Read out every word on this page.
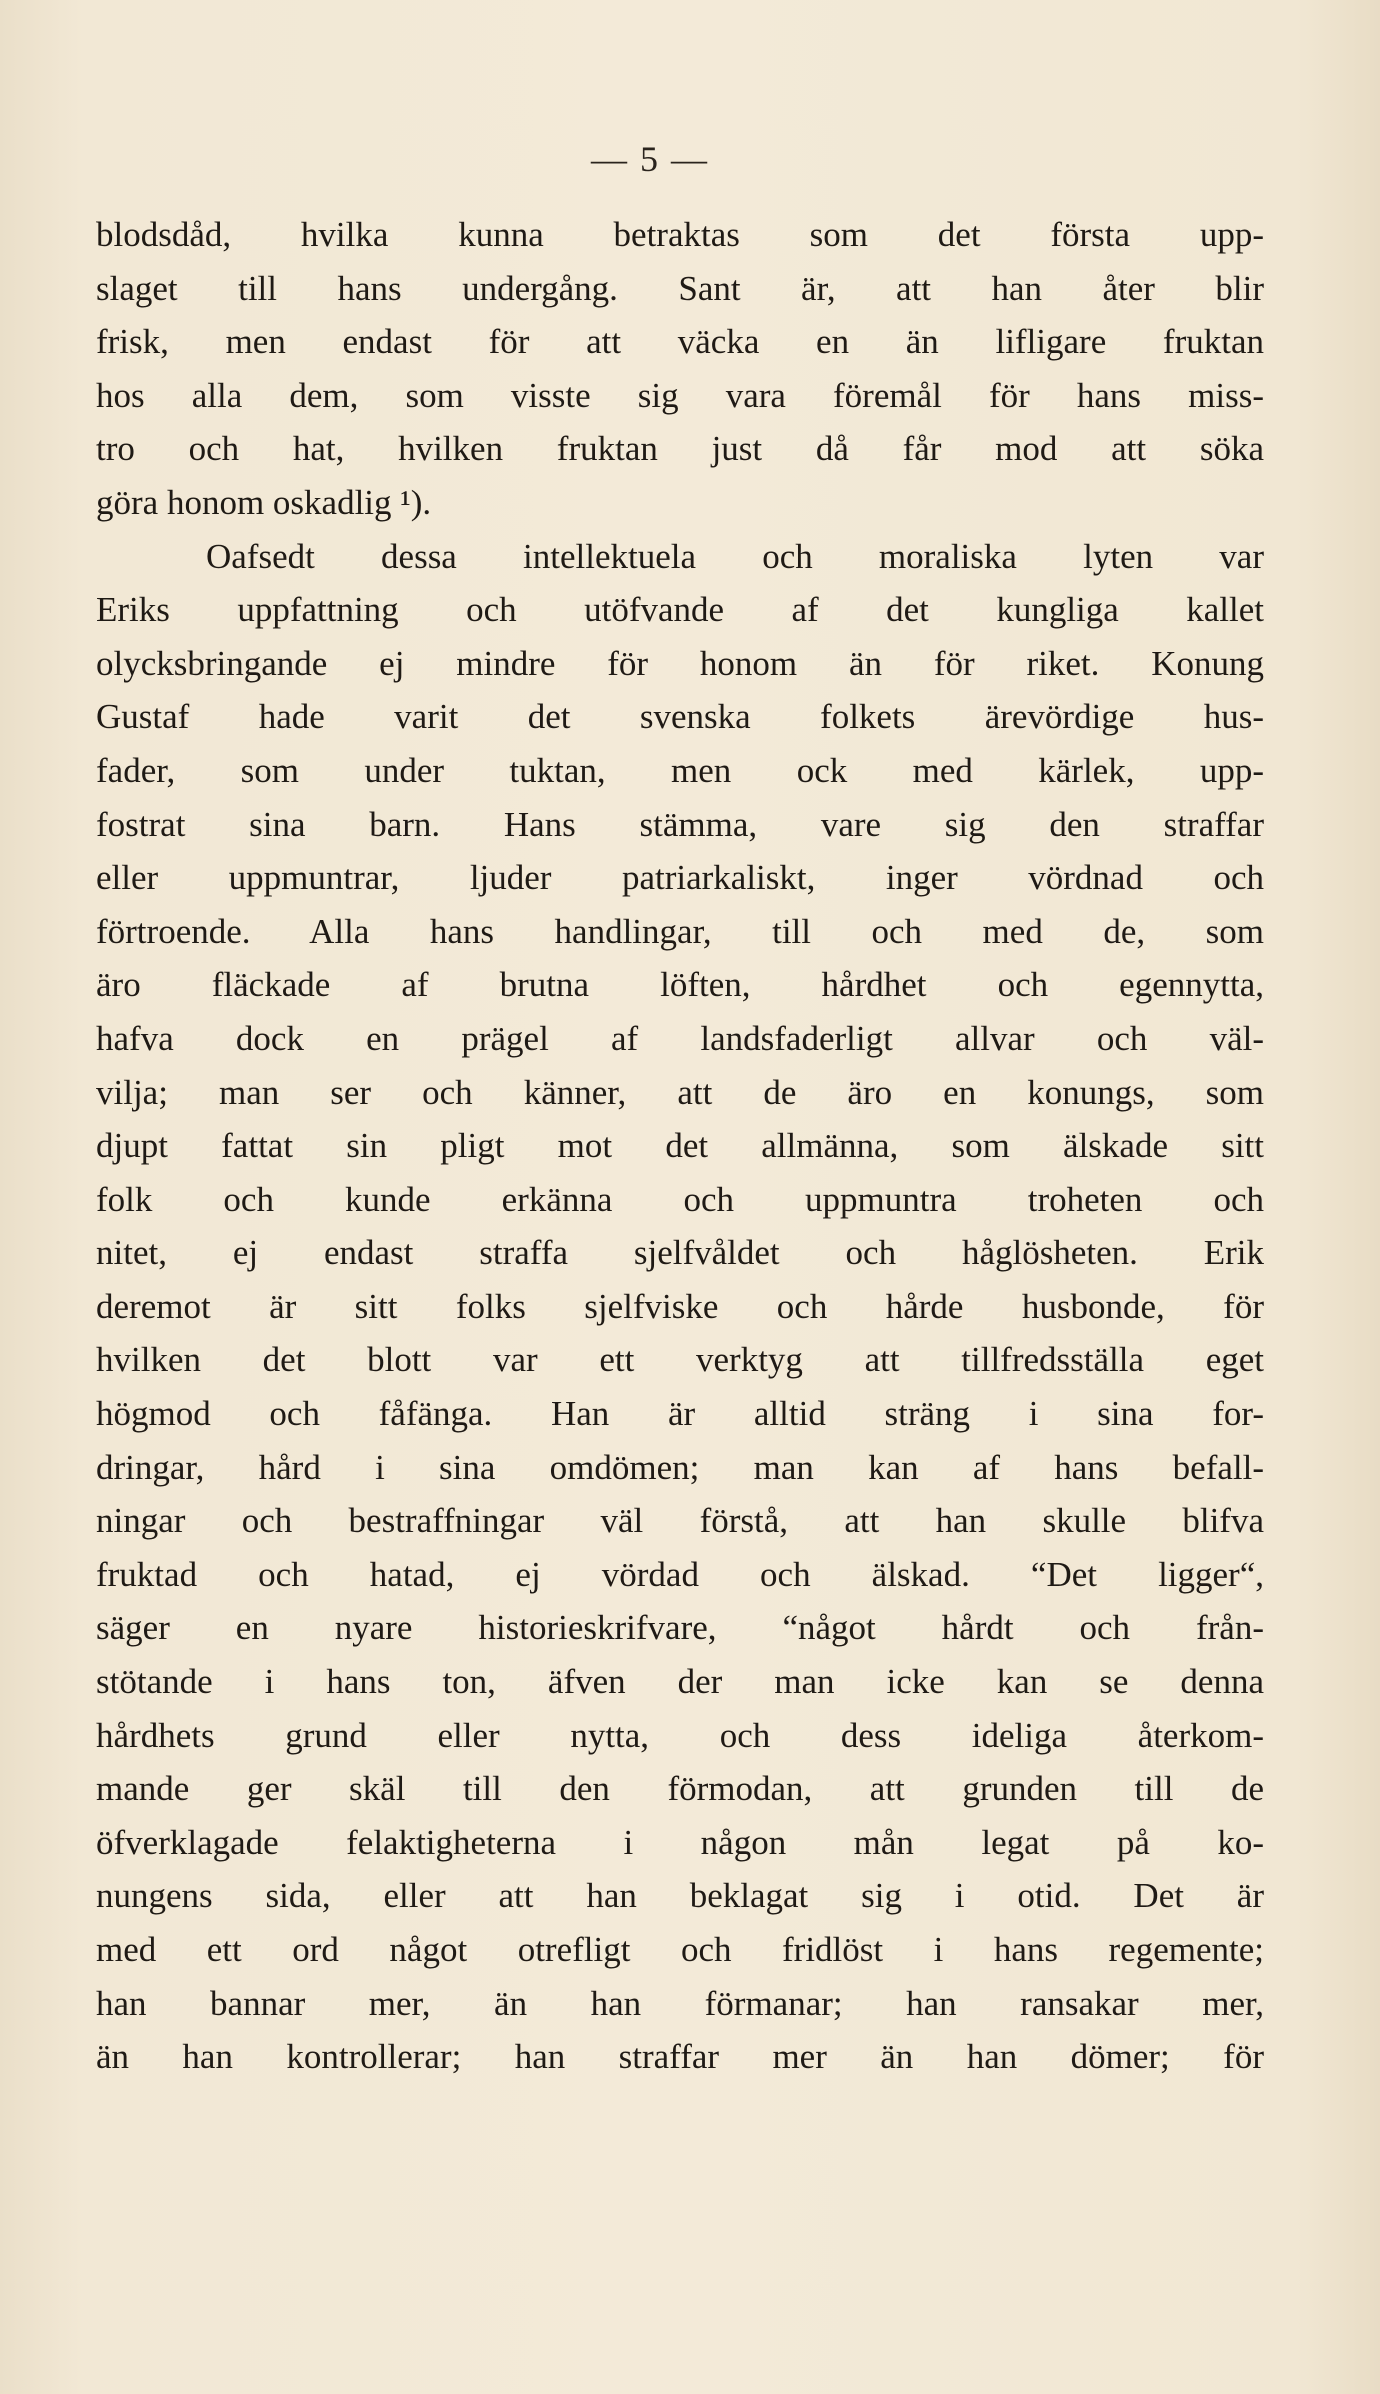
— 5 —
blodsdåd, hvilka kunna betraktas som det första upp-
slaget till hans undergång. Sant är, att han åter blir
frisk, men endast för att väcka en än lifligare fruktan
hos alla dem, som visste sig vara föremål för hans miss-
tro och hat, hvilken fruktan just då får mod att söka
göra honom oskadlig ¹).
Oafsedt dessa intellektuela och moraliska lyten var
Eriks uppfattning och utöfvande af det kungliga kallet
olycksbringande ej mindre för honom än för riket. Konung
Gustaf hade varit det svenska folkets ärevördige hus-
fader, som under tuktan, men ock med kärlek, upp-
fostrat sina barn. Hans stämma, vare sig den straffar
eller uppmuntrar, ljuder patriarkaliskt, inger vördnad och
förtroende. Alla hans handlingar, till och med de, som
äro fläckade af brutna löften, hårdhet och egennytta,
hafva dock en prägel af landsfaderligt allvar och väl-
vilja; man ser och känner, att de äro en konungs, som
djupt fattat sin pligt mot det allmänna, som älskade sitt
folk och kunde erkänna och uppmuntra troheten och
nitet, ej endast straffa sjelfvåldet och håglösheten. Erik
deremot är sitt folks sjelfviske och hårde husbonde, för
hvilken det blott var ett verktyg att tillfredsställa eget
högmod och fåfänga. Han är alltid sträng i sina for-
dringar, hård i sina omdömen; man kan af hans befall-
ningar och bestraffningar väl förstå, att han skulle blifva
fruktad och hatad, ej vördad och älskad. “Det ligger“,
säger en nyare historieskrifvare, “något hårdt och från-
stötande i hans ton, äfven der man icke kan se denna
hårdhets grund eller nytta, och dess ideliga återkom-
mande ger skäl till den förmodan, att grunden till de
öfverklagade felaktigheterna i någon mån legat på ko-
nungens sida, eller att han beklagat sig i otid. Det är
med ett ord något otrefligt och fridlöst i hans regemente;
han bannar mer, än han förmanar; han ransakar mer,
än han kontrollerar; han straffar mer än han dömer; för
